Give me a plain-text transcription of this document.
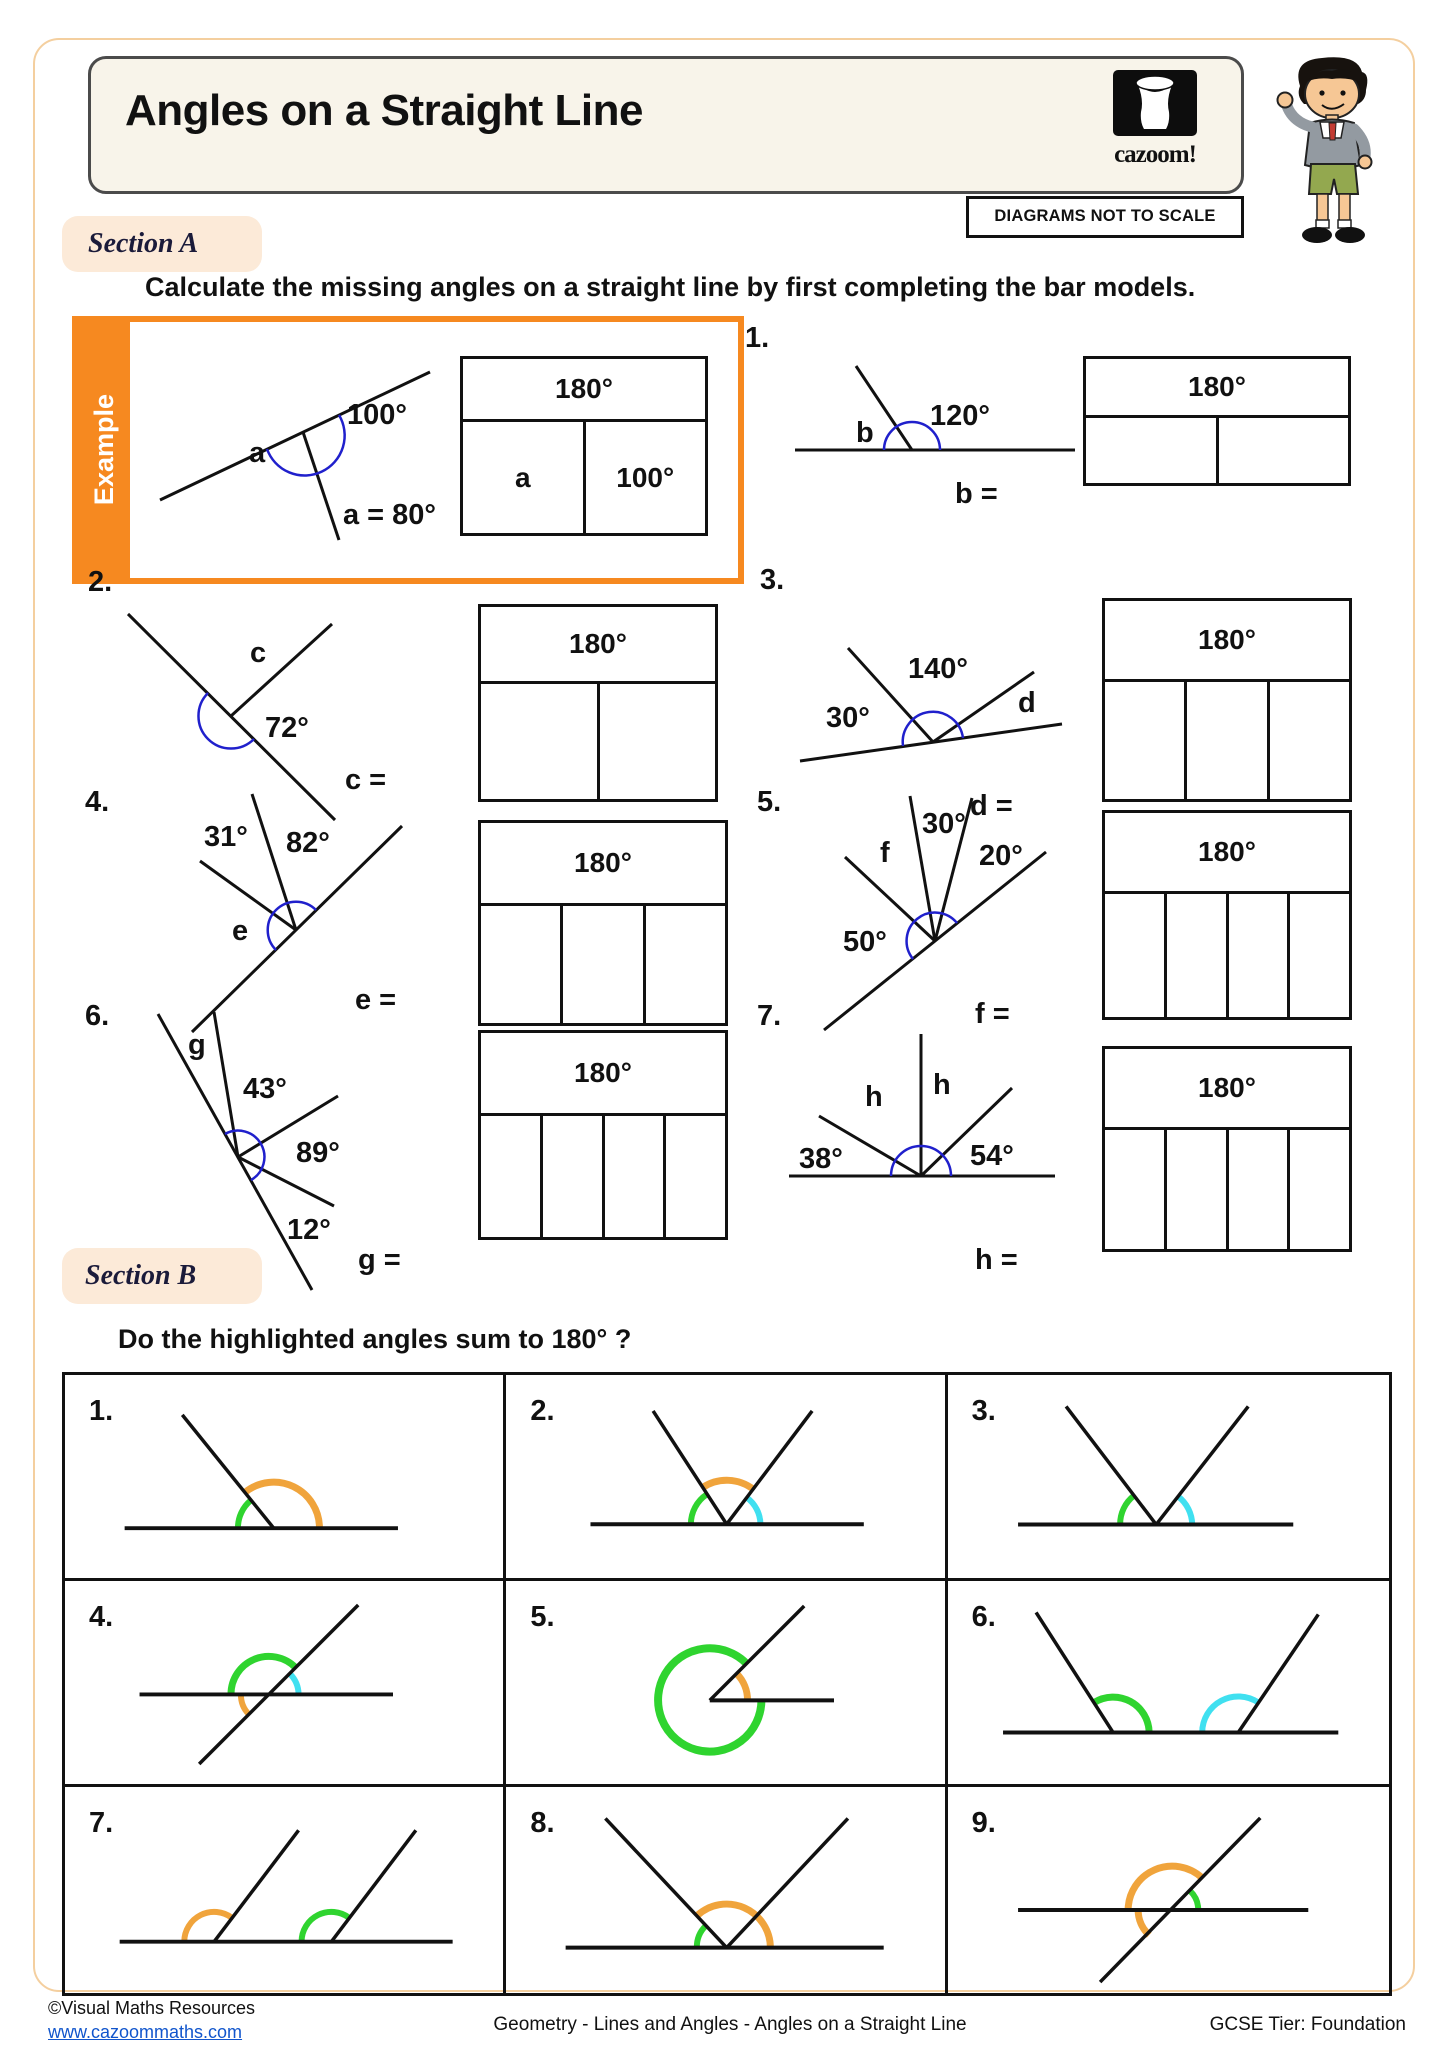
Angles on a Straight Line
cazoom!
DIAGRAMS NOT TO SCALE
Section A
Calculate the missing angles on a straight line by first completing the bar models.
Example	100°
a
a = 80°
180°
a	100°
1.
b
120°
b =
180°
2.
c
72°
c =
180°
3.
30°
140°
d
d =
180°
4.
31° 82°
e
e =
180°
5.
30°
f	20°
50°
f =
180°
6.
g
43°
89°
12°
g =
180°
7.
38°
h h
54°
h =
180°
Section B
Do the highlighted angles sum to 180° ?
1.	2.	3.
4.	5.	6.
7.	8.	9.
©Visual Maths Resources
www.cazoommaths.com	Geometry - Lines and Angles - Angles on a Straight Line	GCSE Tier: Foundation
